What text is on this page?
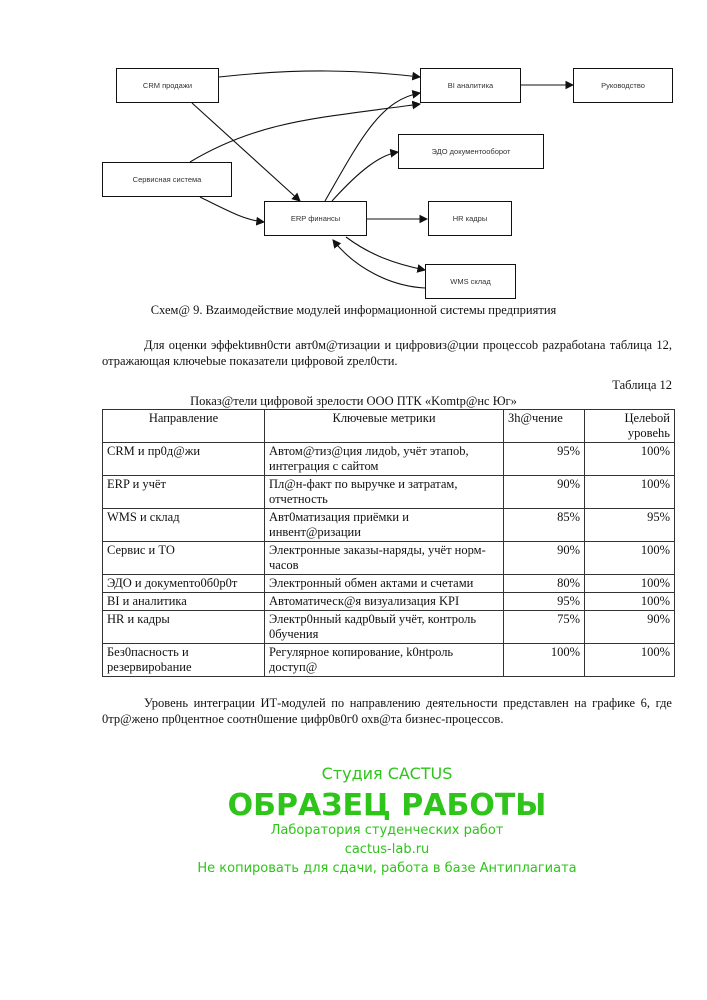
CRM продажи	BI аналитика	Руководство
ЭДО документооборот
Сервисная система
ERP финансы	HR кадры
WMS склад
Схем@ 9. Вzaимодействие модулей информационной системы предприятия
Для оценки эффektивн0сти авт0м@тизации и цифровиз@ции процессоb pazpабotана таблица 12, отражающая ключеbые показатели цифровой zрел0сти.
Таблица 12
Показ@тели цифровой зрелости ООО ПТК «Komtp@нс Юг»
Направление	Ключевые метрики	Зh@чение	Целеbой уровеhь
CRM и пр0д@жи	Автом@тиз@ция лидоb, учёт этапоb, интеграция с сайтом	95%	100%
ERP и учёт	Пл@н-факт по выручке и затратам, отчетность	90%	100%
WMS и склад	Авт0матизация приёмки и инвент@ризации	85%	95%
Сервиc и ТО	Электронные заказы-наряды, учёт норм-часов	90%	100%
ЭДО и докумеnто0б0р0т	Электронный обмен актами и счетами	80%	100%
BI и аналитика	Автоматическ@я визуализация KPI	95%	100%
HR и кадры	Электр0нный кадр0вый учёт, контроль 0бучения	75%	90%
Без0пасность и резервироbание	Регулярное копирование, k0нtроль доступ@	100%	100%
Уровень интеграции ИТ-модулей по направлению деятельности представлен на графике 6, где 0тр@жено пр0центное соотн0шение цифр0в0г0 охв@та бизнес-процессов.
Студия CACTUS
ОБРАЗЕЦ РАБОТЫ
Лаборатория студенческих работ
cactus-lab.ru
Не копировать для сдачи, работа в базе Антиплагиата
